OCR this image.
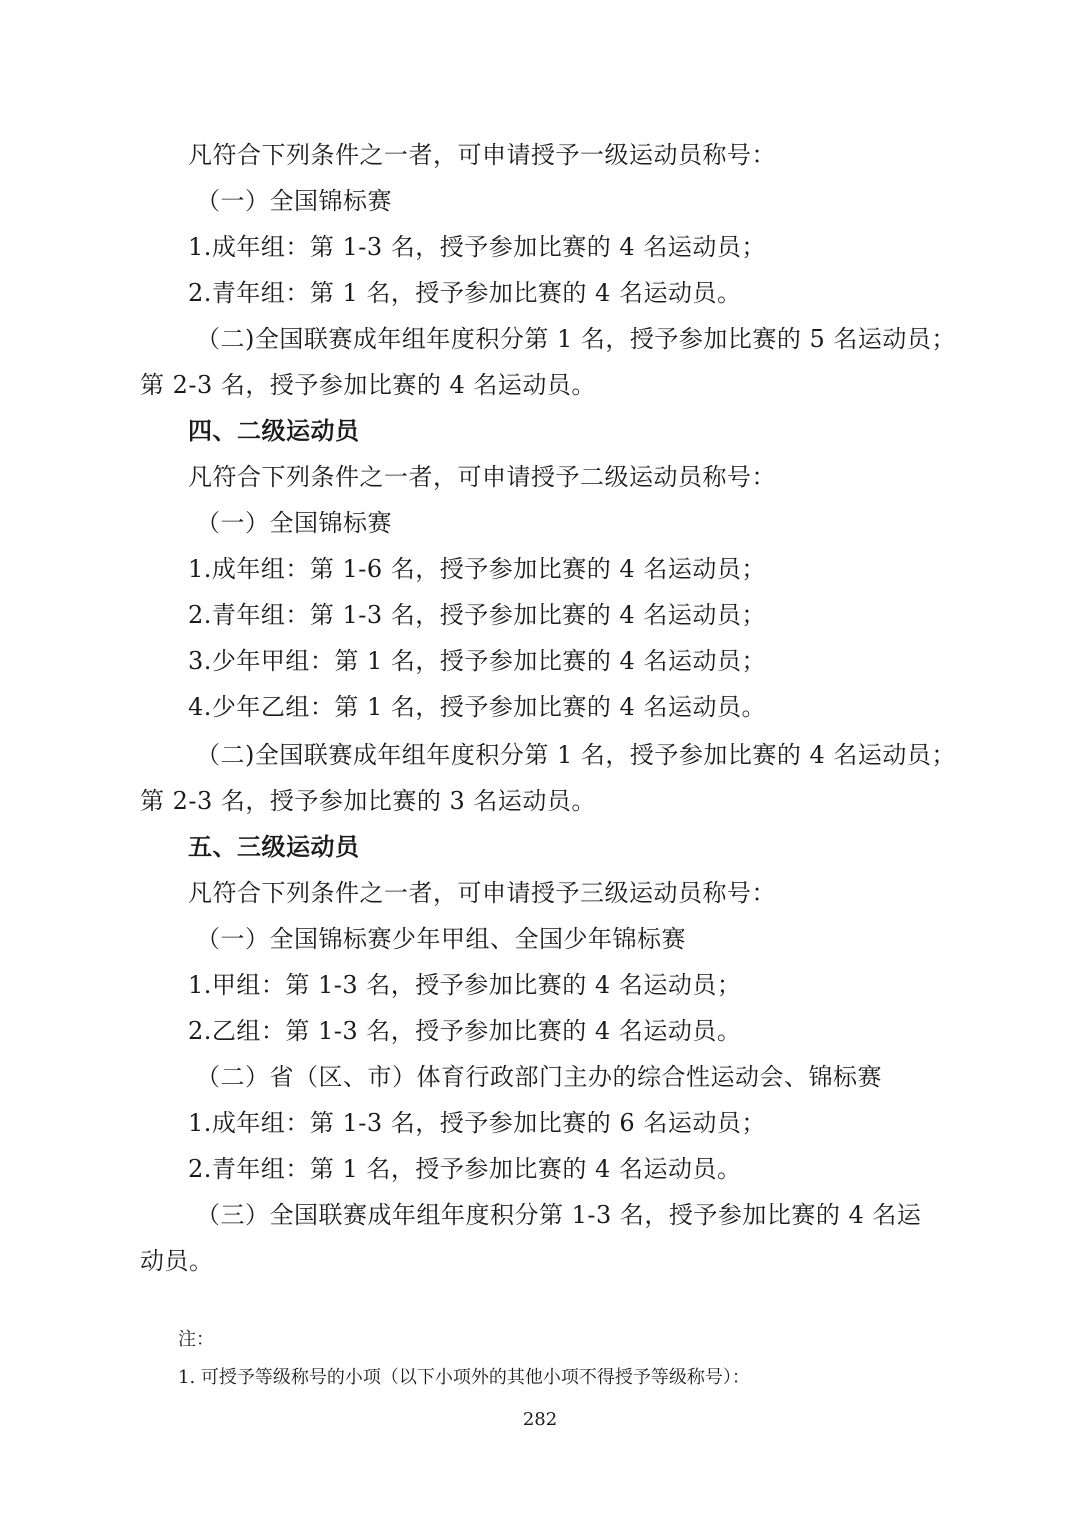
凡符合下列条件之一者，可申请授予一级运动员称号：
（一）全国锦标赛
1.成年组：第 1-3 名，授予参加比赛的 4 名运动员；
2.青年组：第 1 名，授予参加比赛的 4 名运动员。
（二)全国联赛成年组年度积分第 1 名，授予参加比赛的 5 名运动员；
第 2-3 名，授予参加比赛的 4 名运动员。
四、二级运动员
凡符合下列条件之一者，可申请授予二级运动员称号：
（一）全国锦标赛
1.成年组：第 1-6 名，授予参加比赛的 4 名运动员；
2.青年组：第 1-3 名，授予参加比赛的 4 名运动员；
3.少年甲组：第 1 名，授予参加比赛的 4 名运动员；
4.少年乙组：第 1 名，授予参加比赛的 4 名运动员。
（二)全国联赛成年组年度积分第 1 名，授予参加比赛的 4 名运动员；
第 2-3 名，授予参加比赛的 3 名运动员。
五、三级运动员
凡符合下列条件之一者，可申请授予三级运动员称号：
（一）全国锦标赛少年甲组、全国少年锦标赛
1.甲组：第 1-3 名，授予参加比赛的 4 名运动员；
2.乙组：第 1-3 名，授予参加比赛的 4 名运动员。
（二）省（区、市）体育行政部门主办的综合性运动会、锦标赛
1.成年组：第 1-3 名，授予参加比赛的 6 名运动员；
2.青年组：第 1 名，授予参加比赛的 4 名运动员。
（三）全国联赛成年组年度积分第 1-3 名，授予参加比赛的 4 名运
动员。
注：
1. 可授予等级称号的小项（以下小项外的其他小项不得授予等级称号）：
282
